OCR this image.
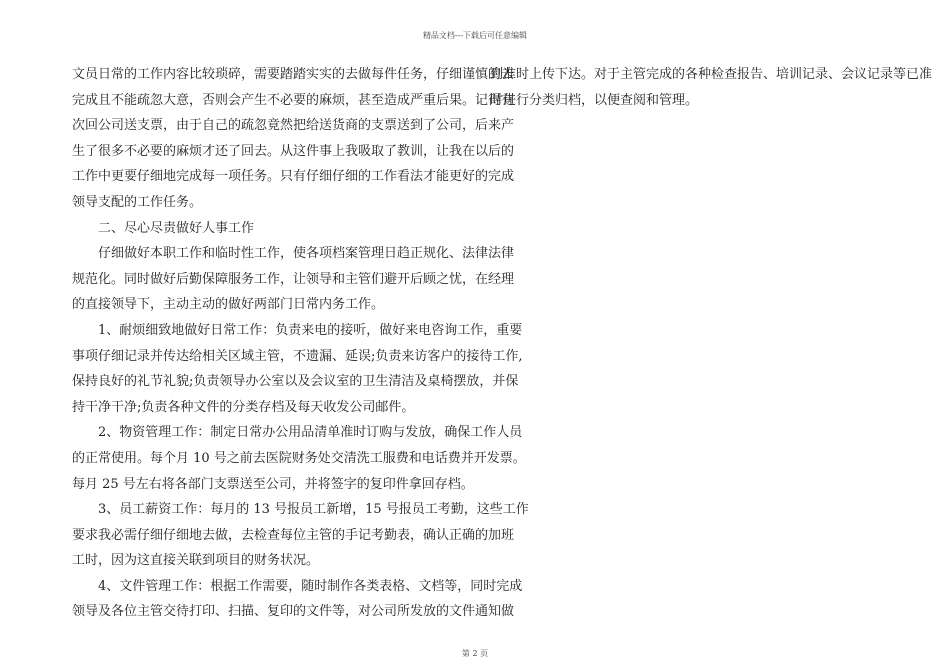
精品文档---下载后可任意编辑
文员日常的工作内容比较琐碎，需要踏踏实实的去做每件任务，仔细谨慎的去
完成且不能疏忽大意，否则会产生不必要的麻烦，甚至造成严重后果。记得有
次回公司送支票，由于自己的疏忽竟然把给送货商的支票送到了公司，后来产
生了很多不必要的麻烦才还了回去。从这件事上我吸取了教训，让我在以后的
工作中更要仔细地完成每一项任务。只有仔细仔细的工作看法才能更好的完成
领导支配的工作任务。
　　二、尽心尽责做好人事工作
　　仔细做好本职工作和临时性工作，使各项档案管理日趋正规化、法律法律
规范化。同时做好后勤保障服务工作，让领导和主管们避开后顾之忧，在经理
的直接领导下，主动主动的做好两部门日常内务工作。
　　1、耐烦细致地做好日常工作：负责来电的接听，做好来电咨询工作，重要
事项仔细记录并传达给相关区域主管，不遗漏、延误;负责来访客户的接待工作,
保持良好的礼节礼貌;负责领导办公室以及会议室的卫生清洁及桌椅摆放，并保
持干净干净;负责各种文件的分类存档及每天收发公司邮件。
　　2、物资管理工作：制定日常办公用品清单准时订购与发放，确保工作人员
的正常使用。每个月 10 号之前去医院财务处交清洗工服费和电话费并开发票。
每月 25 号左右将各部门支票送至公司，并将签字的复印件拿回存档。
　　3、员工薪资工作：每月的 13 号报员工新增，15 号报员工考勤，这些工作
要求我必需仔细仔细地去做，去检查每位主管的手记考勤表，确认正确的加班
工时，因为这直接关联到项目的财务状况。
　　4、文件管理工作：根据工作需要，随时制作各类表格、文档等，同时完成
领导及各位主管交待打印、扫描、复印的文件等，对公司所发放的文件通知做
到准时上传下达。对于主管完成的各种检查报告、培训记录、会议记录等已准
时进行分类归档，以便查阅和管理。
第 2 页
